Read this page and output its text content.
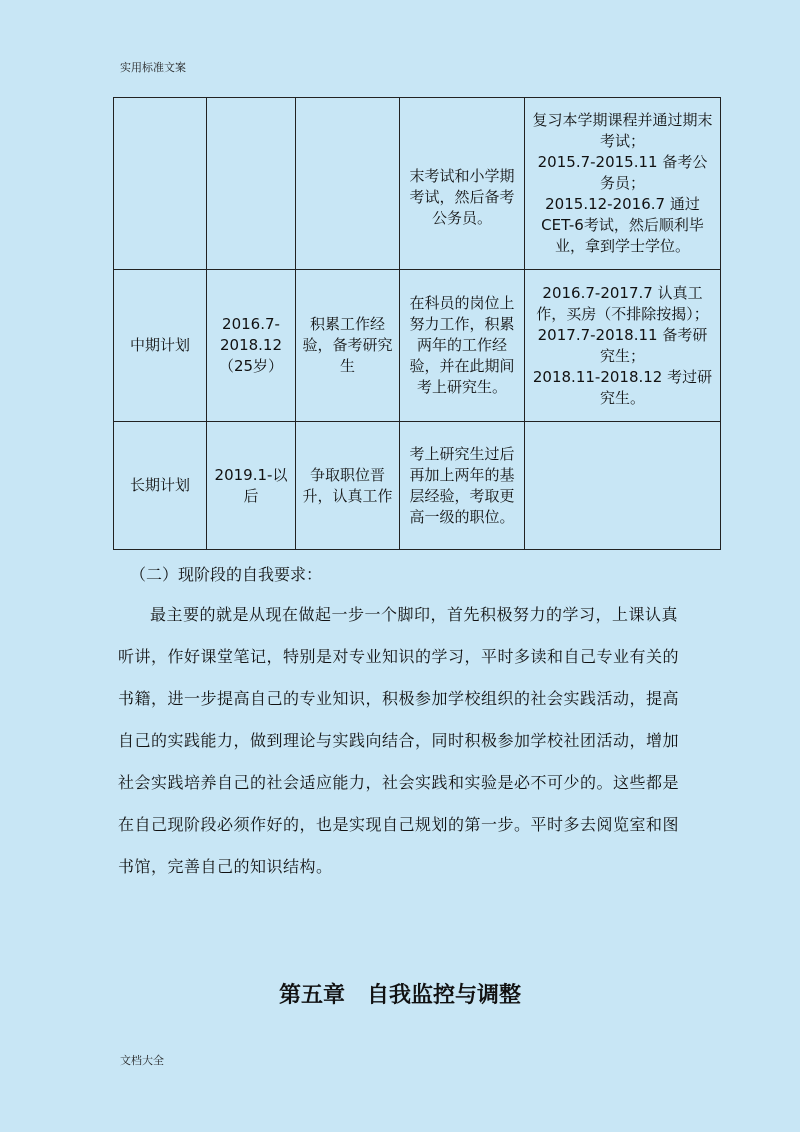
实用标准文案
			末考试和小学期考试，然后备考公务员。	复习本学期课程并通过期末考试；
2015.7-2015.11 备考公务员；
2015.12-2016.7 通过CET-6考试，然后顺利毕业，拿到学士学位。
中期计划	2016.7-2018.12（25岁）	积累工作经验，备考研究生	在科员的岗位上努力工作，积累两年的工作经验，并在此期间考上研究生。	2016.7-2017.7 认真工作，买房（不排除按揭）；
2017.7-2018.11 备考研究生；
2018.11-2018.12 考过研究生。
长期计划	2019.1-以后	争取职位晋升，认真工作	考上研究生过后再加上两年的基层经验，考取更高一级的职位。	
（二）现阶段的自我要求：

最主要的就是从现在做起一步一个脚印，首先积极努力的学习，上课认真听讲，作好课堂笔记，特别是对专业知识的学习，平时多读和自己专业有关的书籍，进一步提高自己的专业知识，积极参加学校组织的社会实践活动，提高自己的实践能力，做到理论与实践向结合，同时积极参加学校社团活动，增加社会实践培养自己的社会适应能力，社会实践和实验是必不可少的。这些都是在自己现阶段必须作好的，也是实现自己规划的第一步。平时多去阅览室和图书馆，完善自己的知识结构。

第五章　自我监控与调整
文档大全
